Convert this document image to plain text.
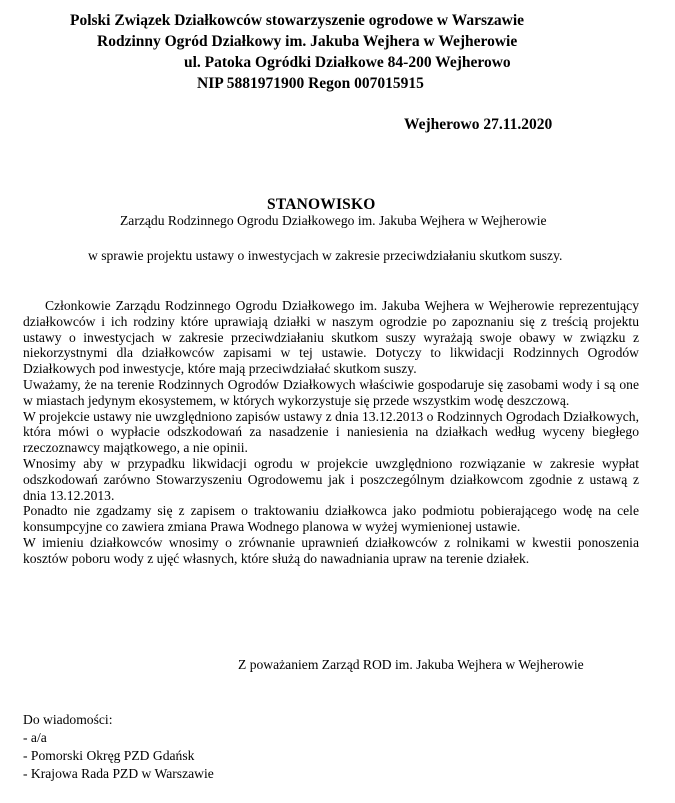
Polski Związek Działkowców stowarzyszenie ogrodowe w Warszawie
Rodzinny Ogród Działkowy im. Jakuba Wejhera w Wejherowie
ul. Patoka Ogródki Działkowe 84-200 Wejherowo
NIP 5881971900 Regon 007015915
Wejherowo 27.11.2020
STANOWISKO
Zarządu Rodzinnego Ogrodu Działkowego im. Jakuba Wejhera w Wejherowie
w sprawie projektu ustawy o inwestycjach w zakresie przeciwdziałaniu skutkom suszy.

Członkowie Zarządu Rodzinnego Ogrodu Działkowego im. Jakuba Wejhera w Wejherowie reprezentujący działkowców i ich rodziny które uprawiają działki w naszym ogrodzie po zapoznaniu się z treścią projektu ustawy o inwestycjach w zakresie przeciwdziałaniu skutkom suszy wyrażają swoje obawy w związku z niekorzystnymi dla działkowców zapisami w tej ustawie. Dotyczy to likwidacji Rodzinnych Ogrodów Działkowych pod inwestycje, które mają przeciwdziałać skutkom suszy.

Uważamy, że na terenie Rodzinnych Ogrodów Działkowych właściwie gospodaruje się zasobami wody i są one w miastach jedynym ekosystemem, w których wykorzystuje się przede wszystkim wodę deszczową.

W projekcie ustawy nie uwzględniono zapisów ustawy z dnia 13.12.2013 o Rodzinnych Ogrodach Działkowych, która mówi o wypłacie odszkodowań za nasadzenie i naniesienia na działkach według wyceny biegłego rzeczoznawcy majątkowego, a nie opinii.

Wnosimy aby w przypadku likwidacji ogrodu w projekcie uwzględniono rozwiązanie w zakresie wypłat odszkodowań zarówno Stowarzyszeniu Ogrodowemu jak i poszczególnym działkowcom zgodnie z ustawą z dnia 13.12.2013.

Ponadto nie zgadzamy się z zapisem o traktowaniu działkowca jako podmiotu pobierającego wodę na cele konsumpcyjne co zawiera zmiana Prawa Wodnego planowa w wyżej wymienionej ustawie.

W imieniu działkowców wnosimy o zrównanie uprawnień działkowców z rolnikami w kwestii ponoszenia kosztów poboru wody z ujęć własnych, które służą do nawadniania upraw na terenie działek.

Z poważaniem Zarząd ROD im. Jakuba Wejhera w Wejherowie
Do wiadomości:
- a/a
- Pomorski Okręg PZD Gdańsk
- Krajowa Rada PZD w Warszawie
